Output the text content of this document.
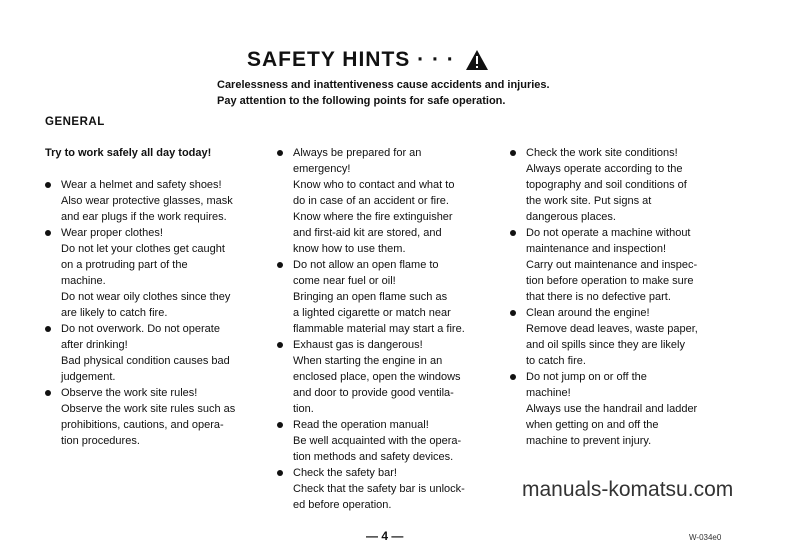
SAFETY HINTS · · ·
Carelessness and inattentiveness cause accidents and injuries.
Pay attention to the following points for safe operation.
GENERAL
Try to work safely all day today!
Wear a helmet and safety shoes!
Also wear protective glasses, mask
and ear plugs if the work requires.
Wear proper clothes!
Do not let your clothes get caught
on a protruding part of the
machine.
Do not wear oily clothes since they
are likely to catch fire.
Do not overwork. Do not operate
after drinking!
Bad physical condition causes bad
judgement.
Observe the work site rules!
Observe the work site rules such as
prohibitions, cautions, and opera-
tion procedures.
Always be prepared for an
emergency!
Know who to contact and what to
do in case of an accident or fire.
Know where the fire extinguisher
and first-aid kit are stored, and
know how to use them.
Do not allow an open flame to
come near fuel or oil!
Bringing an open flame such as
a lighted cigarette or match near
flammable material may start a fire.
Exhaust gas is dangerous!
When starting the engine in an
enclosed place, open the windows
and door to provide good ventila-
tion.
Read the operation manual!
Be well acquainted with the opera-
tion methods and safety devices.
Check the safety bar!
Check that the safety bar is unlock-
ed before operation.
Check the work site conditions!
Always operate according to the
topography and soil conditions of
the work site. Put signs at
dangerous places.
Do not operate a machine without
maintenance and inspection!
Carry out maintenance and inspec-
tion before operation to make sure
that there is no defective part.
Clean around the engine!
Remove dead leaves, waste paper,
and oil spills since they are likely
to catch fire.
Do not jump on or off the
machine!
Always use the handrail and ladder
when getting on and off the
machine to prevent injury.
manuals-komatsu.com
— 4 —	W-034e0
